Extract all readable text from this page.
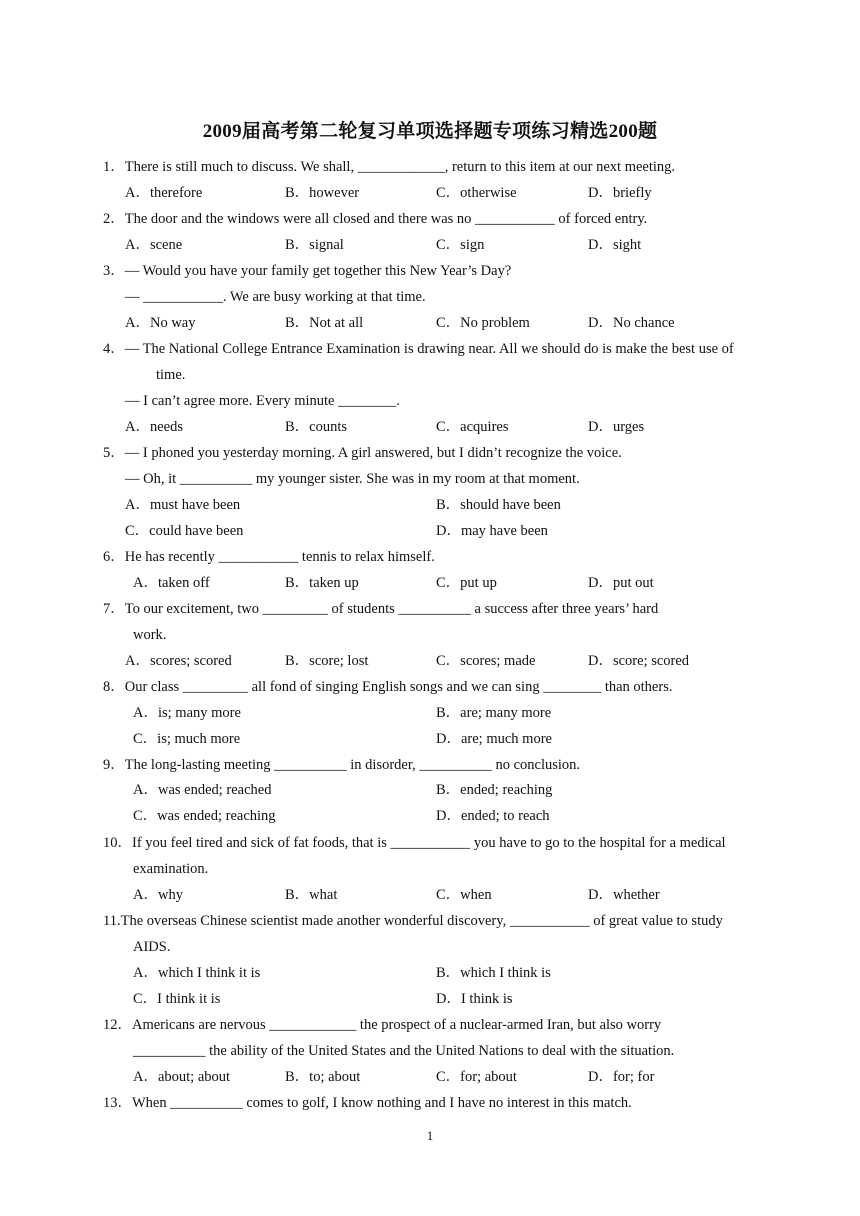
2009届高考第二轮复习单项选择题专项练习精选200题
1．There is still much to discuss. We shall, ____________, return to this item at our next meeting.
A．therefore	B．however	C．otherwise	D．briefly
2．The door and the windows were all closed and there was no ___________ of forced entry.
A．scene	B．signal	C．sign	D．sight
3．— Would you have your family get together this New Year’s Day?
— ___________. We are busy working at that time.
A．No way	B．Not at all	C．No problem	D．No chance
4．— The National College Entrance Examination is drawing near. All we should do is make the best use of
time.
— I can’t agree more. Every minute ________.
A．needs	B．counts	C．acquires	D．urges
5．— I phoned you yesterday morning. A girl answered, but I didn’t recognize the voice.
— Oh, it __________ my younger sister. She was in my room at that moment.
A．must have been	B．should have been
C．could have been	D．may have been
6．He has recently ___________ tennis to relax himself.
A．taken off	B．taken up	C．put up	D．put out
7．To our excitement, two _________ of students __________ a success after three years’ hard
work.
A．scores; scored	B．score; lost	C．scores; made	D．score; scored
8．Our class _________ all fond of singing English songs and we can sing ________ than others.
A．is; many more	B．are; many more
C．is; much more	D．are; much more
9．The long-lasting meeting __________ in disorder, __________ no conclusion.
A．was ended; reached	B．ended; reaching
C．was ended; reaching	D．ended; to reach
10．If you feel tired and sick of fat foods, that is ___________ you have to go to the hospital for a medical
examination.
A．why	B．what	C．when	D．whether
11.The overseas Chinese scientist made another wonderful discovery, ___________ of great value to study
AIDS.
A．which I think it is	B．which I think is
C．I think it is	D．I think is
12．Americans are nervous ____________ the prospect of a nuclear-armed Iran, but also worry
__________ the ability of the United States and the United Nations to deal with the situation.
A．about; about	B．to; about	C．for; about	D．for; for
13．When __________ comes to golf, I know nothing and I have no interest in this match.
1
